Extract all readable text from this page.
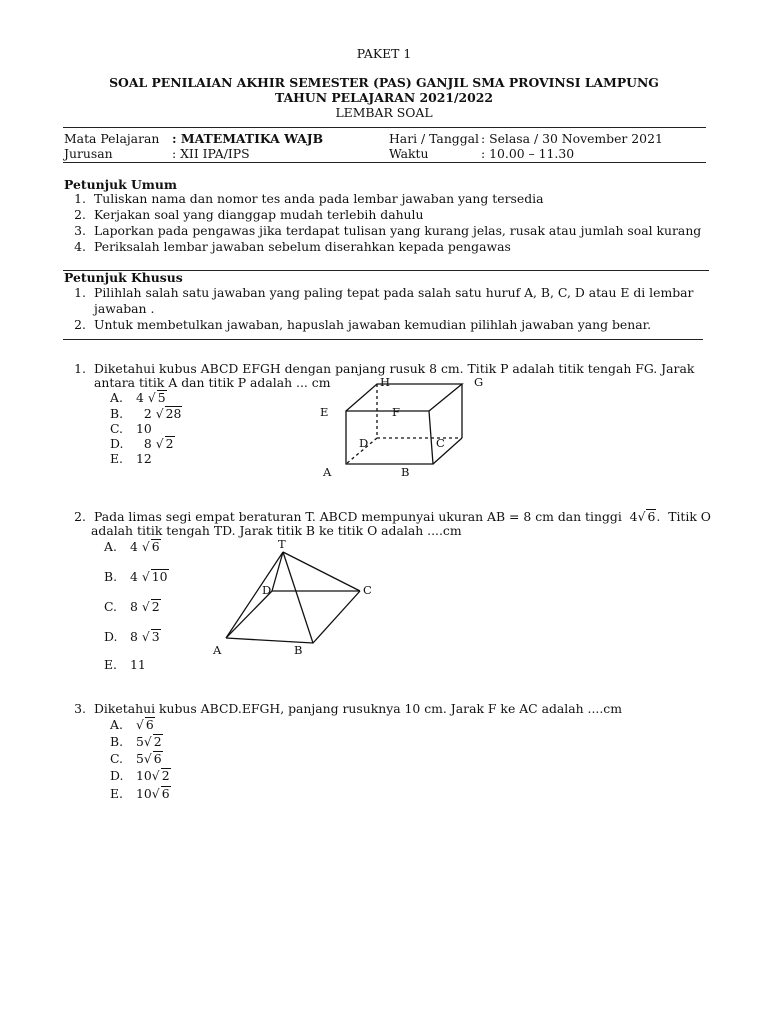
PAKET 1
SOAL PENILAIAN AKHIR SEMESTER (PAS) GANJIL SMA PROVINSI LAMPUNG
TAHUN PELAJARAN 2021/2022
LEMBAR SOAL
Mata Pelajaran : MATEMATIKA WAJB	Hari / Tanggal : Selasa / 30 November 2021
Jurusan	: XII IPA/IPS	Waktu	: 10.00 – 11.30
Petunjuk Umum
1. Tuliskan nama dan nomor tes anda pada lembar jawaban yang tersedia
2. Kerjakan soal yang dianggap mudah terlebih dahulu
3. Laporkan pada pengawas jika terdapat tulisan yang kurang jelas, rusak atau jumlah soal kurang
4. Periksalah lembar jawaban sebelum diserahkan kepada pengawas
Petunjuk Khusus
1. Pilihlah salah satu jawaban yang paling tepat pada salah satu huruf A, B, C, D atau E di lembar
jawaban .
2. Untuk membetulkan jawaban, hapuslah jawaban kemudian pilihlah jawaban yang benar.
1. Diketahui kubus ABCD EFGH dengan panjang rusuk 8 cm. Titik P adalah titik tengah FG. Jarak
antara titik A dan titik P adalah ... cm
A. 4 √ 5
B.  2 √ 28
C. 10
D.  8 √ 2
E. 12
H	G
E	F
D	C
A	B
2. Pada limas segi empat beraturan T. ABCD mempunyai ukuran AB = 8 cm dan tinggi  4√ 6.  Titik O
adalah titik tengah TD. Jarak titik B ke titik O adalah ....cm
A. 4 √ 6
B. 4 √ 10
C. 8 √ 2
D. 8 √ 3
E. 11
T
D	C
A	B
3. Diketahui kubus ABCD.EFGH, panjang rusuknya 10 cm. Jarak F ke AC adalah ....cm
A. √ 6
B. 5√ 2
C. 5√ 6
D. 10√ 2
E. 10√ 6
